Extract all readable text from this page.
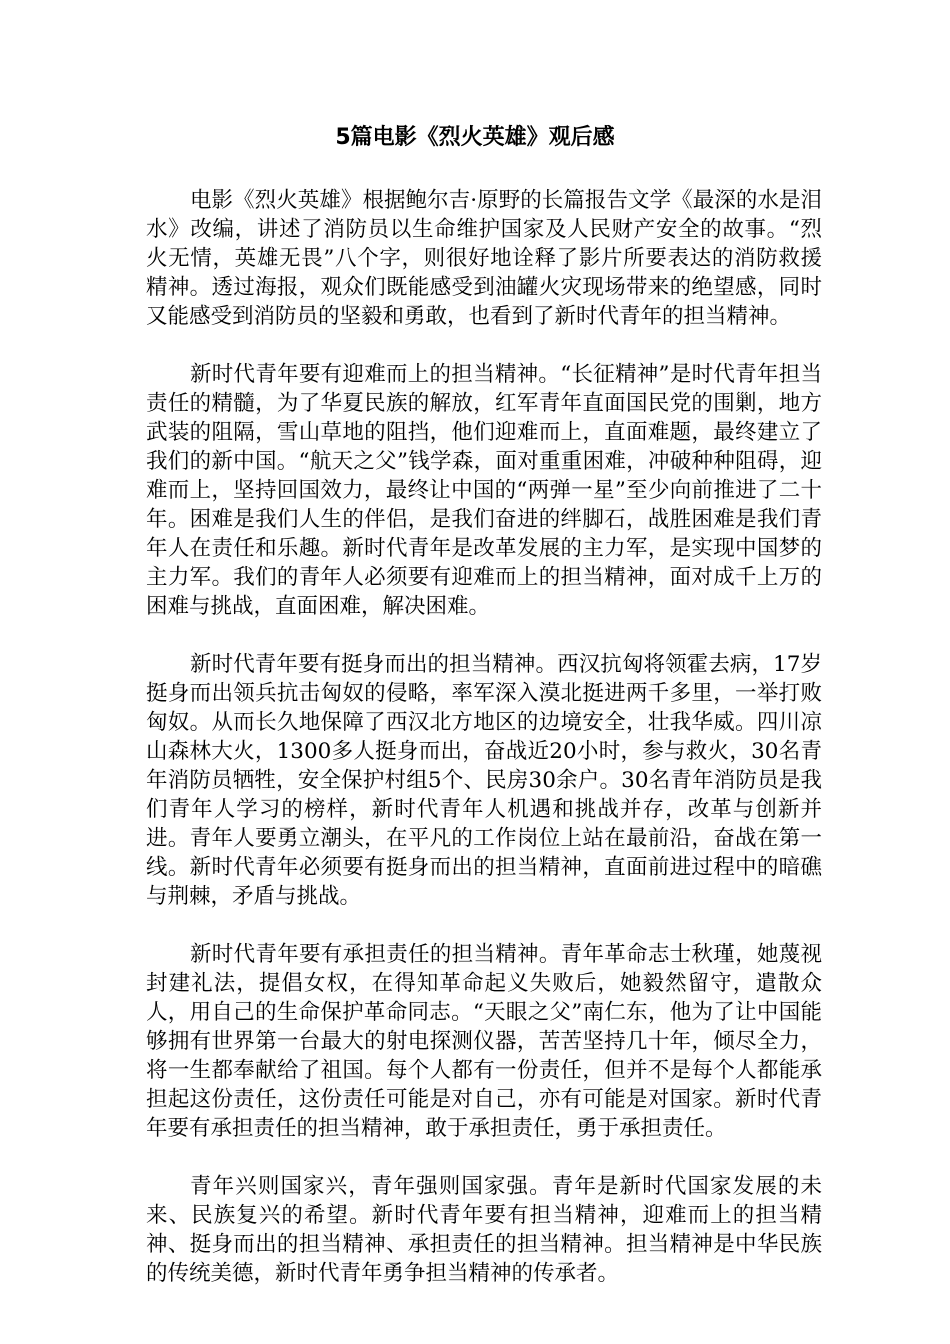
5篇电影《烈火英雄》观后感

电影《烈火英雄》根据鲍尔吉·原野的长篇报告文学《最深的水是泪水》改编，讲述了消防员以生命维护国家及人民财产安全的故事。“烈火无情，英雄无畏”八个字，则很好地诠释了影片所要表达的消防救援精神。透过海报，观众们既能感受到油罐火灾现场带来的绝望感，同时又能感受到消防员的坚毅和勇敢，也看到了新时代青年的担当精神。

新时代青年要有迎难而上的担当精神。“长征精神”是时代青年担当责任的精髓，为了华夏民族的解放，红军青年直面国民党的围剿，地方武装的阻隔，雪山草地的阻挡，他们迎难而上，直面难题，最终建立了我们的新中国。“航天之父”钱学森，面对重重困难，冲破种种阻碍，迎难而上，坚持回国效力，最终让中国的“两弹一星”至少向前推进了二十年。困难是我们人生的伴侣，是我们奋进的绊脚石，战胜困难是我们青年人在责任和乐趣。新时代青年是改革发展的主力军，是实现中国梦的主力军。我们的青年人必须要有迎难而上的担当精神，面对成千上万的困难与挑战，直面困难，解决困难。

新时代青年要有挺身而出的担当精神。西汉抗匈将领霍去病，17岁挺身而出领兵抗击匈奴的侵略，率军深入漠北挺进两千多里，一举打败匈奴。从而长久地保障了西汉北方地区的边境安全，壮我华威。四川凉山森林大火，1300多人挺身而出，奋战近20小时，参与救火，30名青年消防员牺牲，安全保护村组5个、民房30余户。30名青年消防员是我们青年人学习的榜样，新时代青年人机遇和挑战并存，改革与创新并进。青年人要勇立潮头，在平凡的工作岗位上站在最前沿，奋战在第一线。新时代青年必须要有挺身而出的担当精神，直面前进过程中的暗礁与荆棘，矛盾与挑战。

新时代青年要有承担责任的担当精神。青年革命志士秋瑾，她蔑视封建礼法，提倡女权，在得知革命起义失败后，她毅然留守，遣散众人，用自己的生命保护革命同志。“天眼之父”南仁东，他为了让中国能够拥有世界第一台最大的射电探测仪器，苦苦坚持几十年，倾尽全力，将一生都奉献给了祖国。每个人都有一份责任，但并不是每个人都能承担起这份责任，这份责任可能是对自己，亦有可能是对国家。新时代青年要有承担责任的担当精神，敢于承担责任，勇于承担责任。

青年兴则国家兴，青年强则国家强。青年是新时代国家发展的未来、民族复兴的希望。新时代青年要有担当精神，迎难而上的担当精神、挺身而出的担当精神、承担责任的担当精神。担当精神是中华民族的传统美德，新时代青年勇争担当精神的传承者。
